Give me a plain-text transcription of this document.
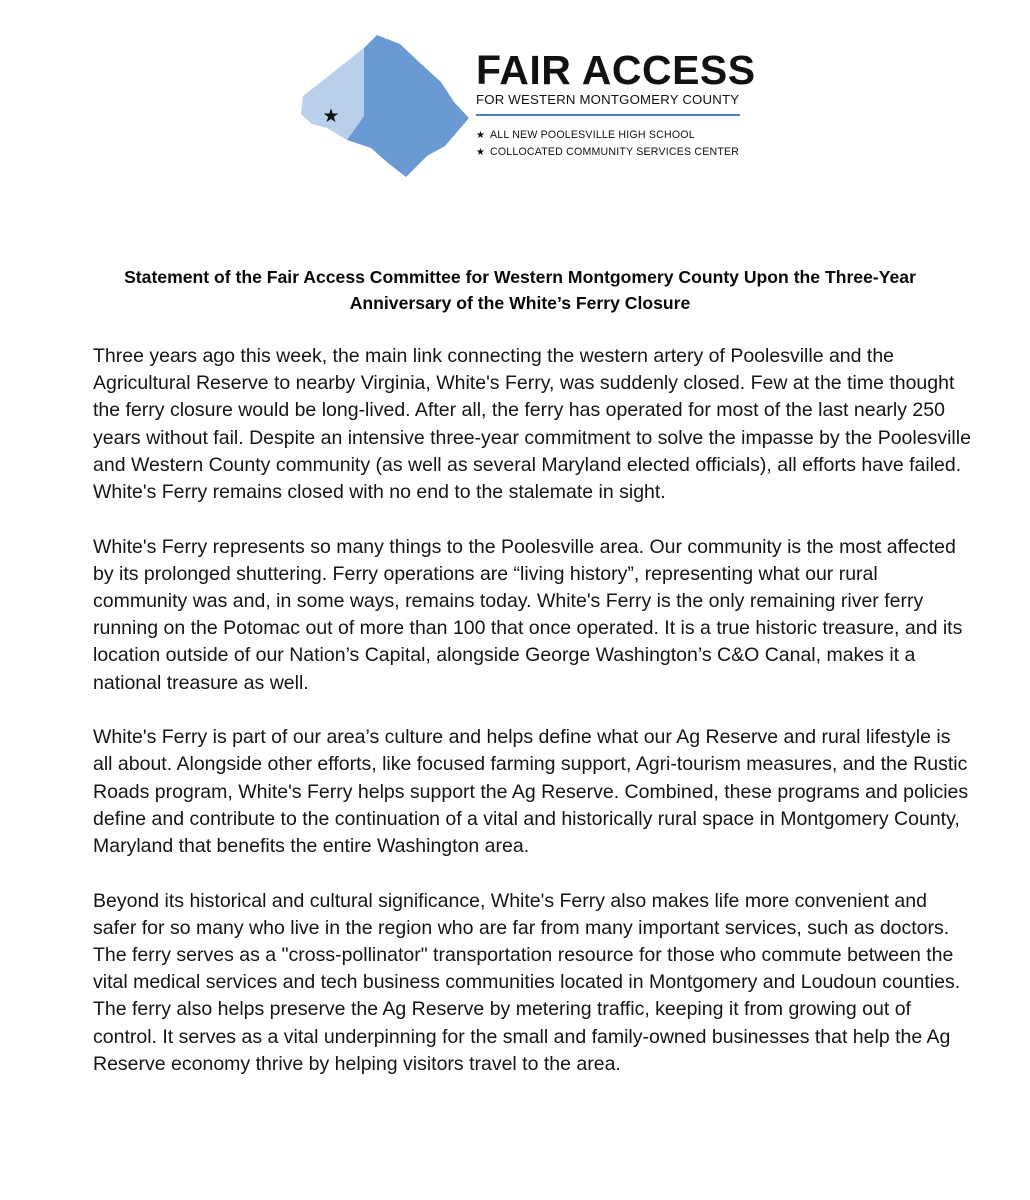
★
FAIR ACCESS
FOR WESTERN MONTGOMERY COUNTY
★ ALL NEW POOLESVILLE HIGH SCHOOL
★ COLLOCATED COMMUNITY SERVICES CENTER
Statement of the Fair Access Committee for Western Montgomery County Upon the Three-Year Anniversary of the White’s Ferry Closure

Three years ago this week, the main link connecting the western artery of Poolesville and the Agricultural Reserve to nearby Virginia, White's Ferry, was suddenly closed. Few at the time thought the ferry closure would be long-lived. After all, the ferry has operated for most of the last nearly 250 years without fail. Despite an intensive three-year commitment to solve the impasse by the Poolesville and Western County community (as well as several Maryland elected officials), all efforts have failed. White's Ferry remains closed with no end to the stalemate in sight.

White's Ferry represents so many things to the Poolesville area. Our community is the most affected by its prolonged shuttering. Ferry operations are “living history”, representing what our rural community was and, in some ways, remains today. White's Ferry is the only remaining river ferry running on the Potomac out of more than 100 that once operated. It is a true historic treasure, and its location outside of our Nation’s Capital, alongside George Washington’s C&O Canal, makes it a national treasure as well.

White's Ferry is part of our area’s culture and helps define what our Ag Reserve and rural lifestyle is all about. Alongside other efforts, like focused farming support, Agri-tourism measures, and the Rustic Roads program, White's Ferry helps support the Ag Reserve. Combined, these programs and policies define and contribute to the continuation of a vital and historically rural space in Montgomery County, Maryland that benefits the entire Washington area.

Beyond its historical and cultural significance, White's Ferry also makes life more convenient and safer for so many who live in the region who are far from many important services, such as doctors. The ferry serves as a "cross-pollinator" transportation resource for those who commute between the vital medical services and tech business communities located in Montgomery and Loudoun counties. The ferry also helps preserve the Ag Reserve by metering traffic, keeping it from growing out of control. It serves as a vital underpinning for the small and family-owned businesses that help the Ag Reserve economy thrive by helping visitors travel to the area.
